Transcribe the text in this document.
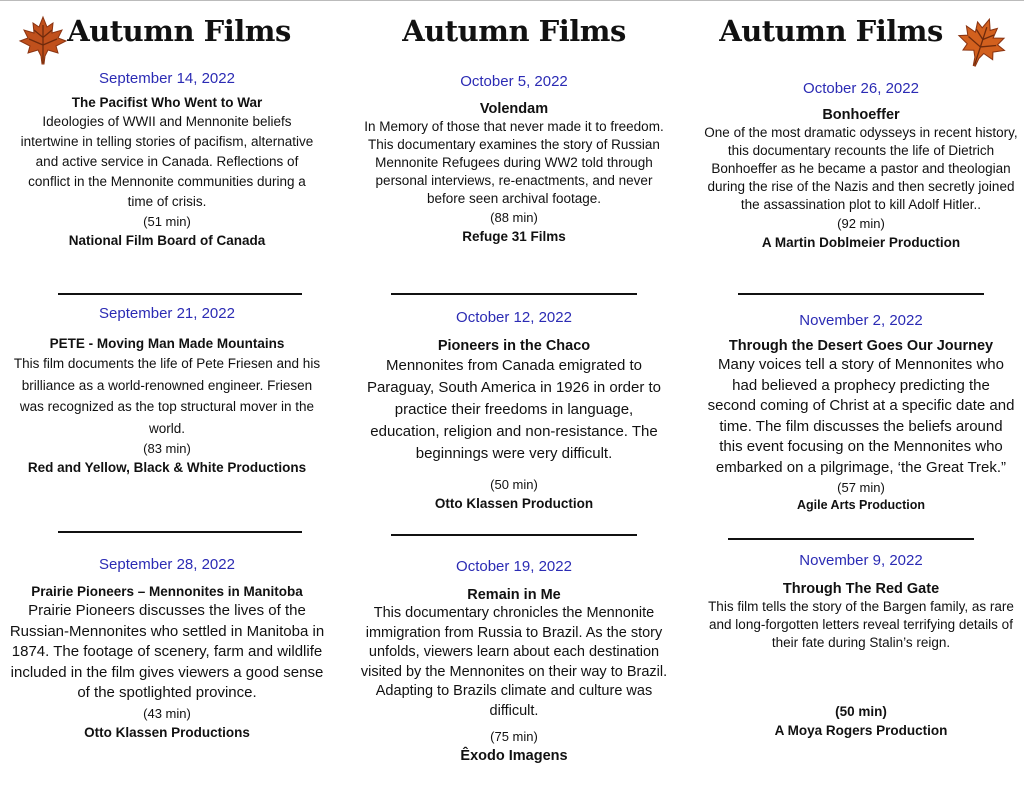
Autumn Films
September 14, 2022
The Pacifist Who Went to War
Ideologies of WWII and Mennonite beliefs intertwine in telling stories of pacifism, alternative and active service in Canada. Reflections of conflict in the Mennonite communities during a time of crisis.
(51 min)
National Film Board of Canada
September 21, 2022
PETE - Moving Man Made Mountains
This film documents the life of Pete Friesen and his brilliance as a world-renowned engineer. Friesen was recognized as the top structural mover in the world.
(83 min)
Red and Yellow, Black & White Productions
September 28, 2022
Prairie Pioneers – Mennonites in Manitoba
Prairie Pioneers discusses the lives of the Russian-Mennonites who settled in Manitoba in 1874. The footage of scenery, farm and wildlife included in the film gives viewers a good sense of the spotlighted province.
(43 min)
Otto Klassen Productions
Autumn Films
October 5, 2022
Volendam
In Memory of those that never made it to freedom. This documentary examines the story of Russian Mennonite Refugees during WW2 told through personal interviews, re-enactments, and never before seen archival footage.
(88 min)
Refuge 31 Films
October 12, 2022
Pioneers in the Chaco
Mennonites from Canada emigrated to Paraguay, South America in 1926 in order to practice their freedoms in language, education, religion and non-resistance. The beginnings were very difficult.
(50 min)
Otto Klassen Production
October 19, 2022
Remain in Me
This documentary chronicles the Mennonite immigration from Russia to Brazil. As the story unfolds, viewers learn about each destination visited by the Mennonites on their way to Brazil. Adapting to Brazils climate and culture was difficult.
(75 min)
Êxodo Imagens
Autumn Films
October 26, 2022
Bonhoeffer
One of the most dramatic odysseys in recent history, this documentary recounts the life of Dietrich Bonhoeffer as he became a pastor and theologian during the rise of the Nazis and then secretly joined the assassination plot to kill Adolf Hitler..
(92 min)
A Martin Doblmeier Production
November 2, 2022
Through the Desert Goes Our Journey
Many voices tell a story of Mennonites who had believed a prophecy predicting the second coming of Christ at a specific date and time. The film discusses the beliefs around this event focusing on the Mennonites who embarked on a pilgrimage, ‘the Great Trek.”
(57 min)
Agile Arts Production
November 9, 2022
Through The Red Gate
This film tells the story of the Bargen family, as rare and long-forgotten letters reveal terrifying details of their fate during Stalin’s reign.
(50 min)
A Moya Rogers Production
